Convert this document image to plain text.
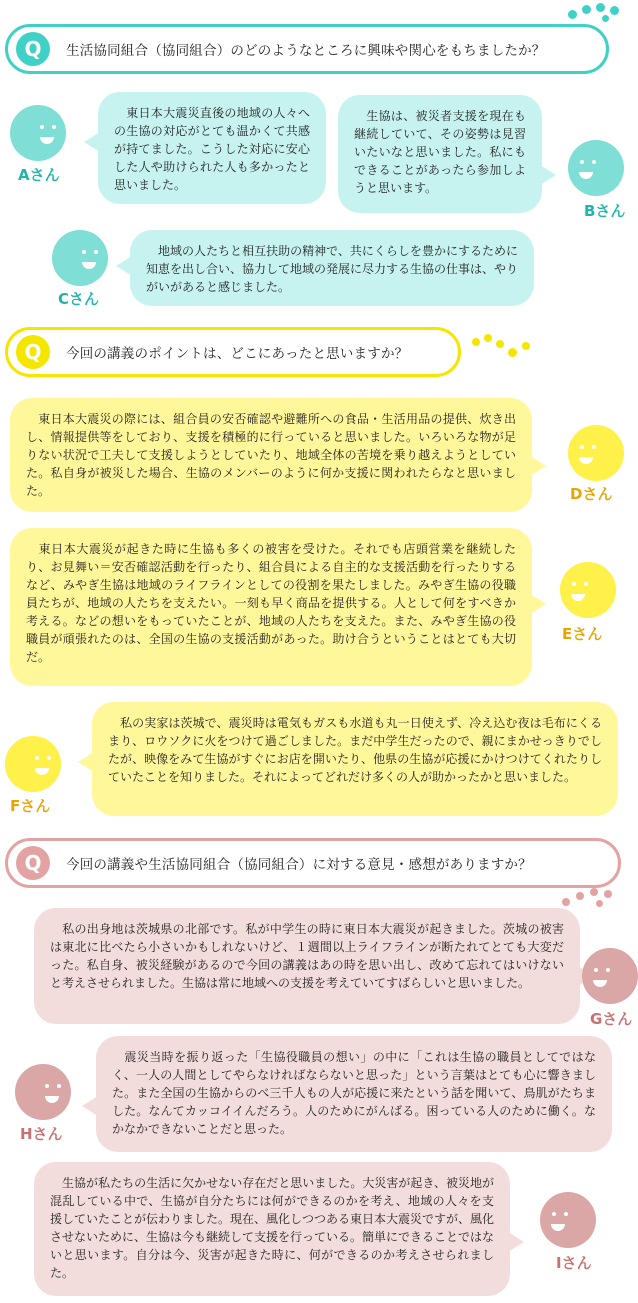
Q	生活協同組合（協同組合）のどのようなところに興味や関心をもちましたか？
Aさん
　東日本大震災直後の地域の人々への生協の対応がとても温かくて共感が持てました。こうした対応に安心した人や助けられた人も多かったと思いました。
　生協は、被災者支援を現在も継続していて、その姿勢は見習いたいなと思いました。私にもできることがあったら参加しようと思います。
Bさん
Cさん
　地域の人たちと相互扶助の精神で、共にくらしを豊かにするために知恵を出し合い、協力して地域の発展に尽力する生協の仕事は、やりがいがあると感じました。
Q	今回の講義のポイントは、どこにあったと思いますか？
　東日本大震災の際には、組合員の安否確認や避難所への食品・生活用品の提供、炊き出し、情報提供等をしており、支援を積極的に行っていると思いました。いろいろな物が足りない状況で工夫して支援しようとしていたり、地域全体の苦境を乗り越えようとしていた。私自身が被災した場合、生協のメンバーのように何か支援に関われたらなと思いました。	Dさん
　東日本大震災が起きた時に生協も多くの被害を受けた。それでも店頭営業を継続したり、お見舞い＝安否確認活動を行ったり、組合員による自主的な支援活動を行ったりするなど、みやぎ生協は地域のライフラインとしての役割を果たしました。みやぎ生協の役職員たちが、地域の人たちを支えたい。一刻も早く商品を提供する。人として何をすべきか考える。などの想いをもっていたことが、地域の人たちを支えた。また、みやぎ生協の役職員が頑張れたのは、全国の生協の支援活動があった。助け合うということはとても大切だ。
Eさん
Fさん
　私の実家は茨城で、震災時は電気もガスも水道も丸一日使えず、冷え込む夜は毛布にくるまり、ロウソクに火をつけて過ごしました。まだ中学生だったので、親にまかせっきりでしたが、映像をみて生協がすぐにお店を開いたり、他県の生協が応援にかけつけてくれたりしていたことを知りました。それによってどれだけ多くの人が助かったかと思いました。
Q	今回の講義や生活協同組合（協同組合）に対する意見・感想がありますか？
　私の出身地は茨城県の北部です。私が中学生の時に東日本大震災が起きました。茨城の被害は東北に比べたら小さいかもしれないけど、１週間以上ライフラインが断たれてとても大変だった。私自身、被災経験があるので今回の講義はあの時を思い出し、改めて忘れてはいけないと考えさせられました。生協は常に地域への支援を考えていてすばらしいと思いました。
Gさん
Hさん
　震災当時を振り返った「生協役職員の想い」の中に「これは生協の職員としてではなく、一人の人間としてやらなければならないと思った」という言葉はとても心に響きました。また全国の生協からのべ三千人もの人が応援に来たという話を聞いて、鳥肌がたちました。なんてカッコイイんだろう。人のためにがんばる。困っている人のために働く。なかなかできないことだと思った。
　生協が私たちの生活に欠かせない存在だと思いました。大災害が起き、被災地が混乱している中で、生協が自分たちには何ができるのかを考え、地域の人々を支援していたことが伝わりました。現在、風化しつつある東日本大震災ですが、風化させないために、生協は今も継続して支援を行っている。簡単にできることではないと思います。自分は今、災害が起きた時に、何ができるのか考えさせられました。
Iさん
